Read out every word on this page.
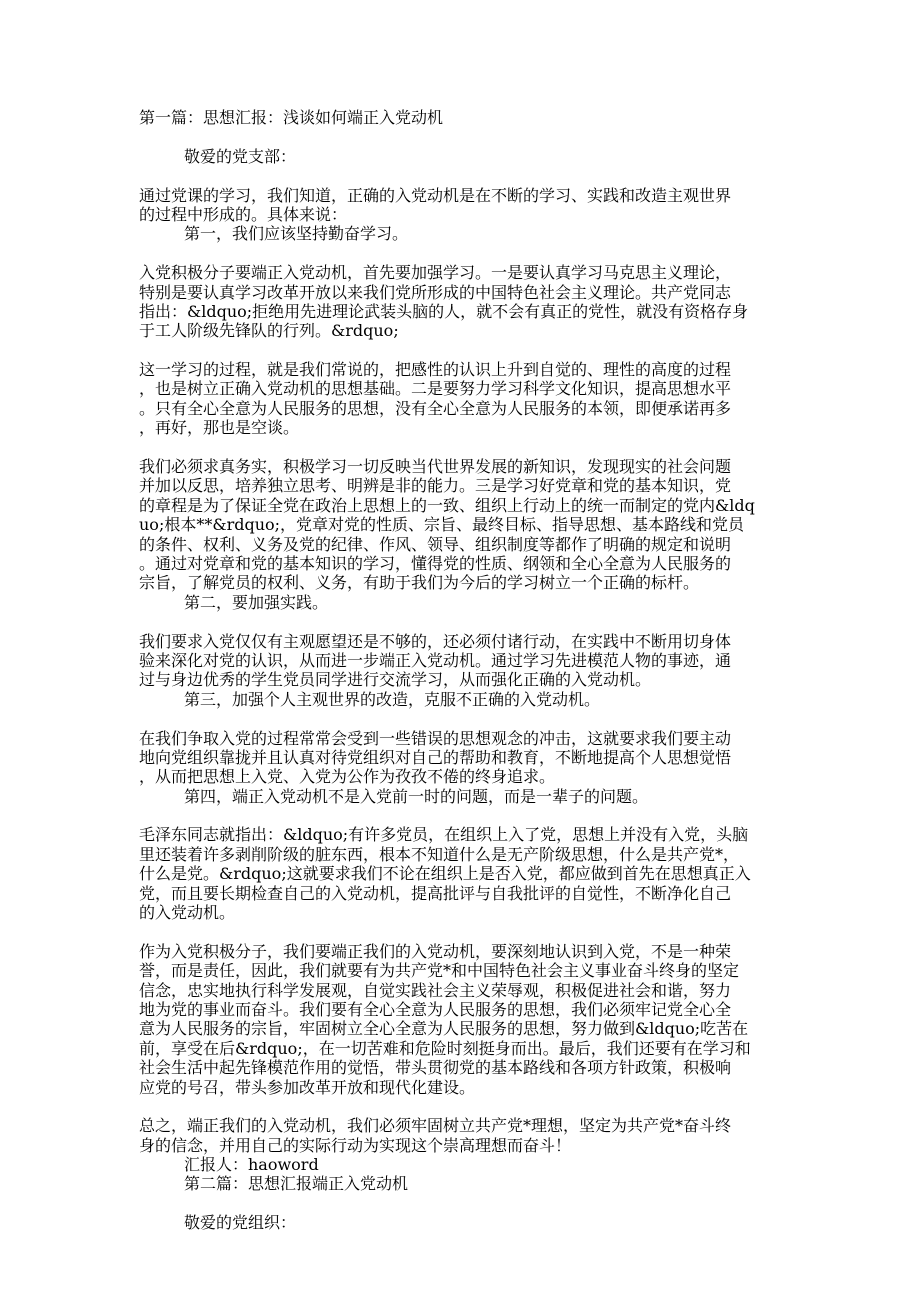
第一篇：思想汇报：浅谈如何端正入党动机
敬爱的党支部：
通过党课的学习，我们知道，正确的入党动机是在不断的学习、实践和改造主观世界
的过程中形成的。具体来说：
第一，我们应该坚持勤奋学习。
入党积极分子要端正入党动机，首先要加强学习。一是要认真学习马克思主义理论，
特别是要认真学习改革开放以来我们党所形成的中国特色社会主义理论。共产党同志
指出：&ldquo;拒绝用先进理论武装头脑的人，就不会有真正的党性，就没有资格存身
于工人阶级先锋队的行列。&rdquo;
这一学习的过程，就是我们常说的，把感性的认识上升到自觉的、理性的高度的过程
，也是树立正确入党动机的思想基础。二是要努力学习科学文化知识，提高思想水平
。只有全心全意为人民服务的思想，没有全心全意为人民服务的本领，即便承诺再多
，再好，那也是空谈。
我们必须求真务实，积极学习一切反映当代世界发展的新知识，发现现实的社会问题
并加以反思，培养独立思考、明辨是非的能力。三是学习好党章和党的基本知识，党
的章程是为了保证全党在政治上思想上的一致、组织上行动上的统一而制定的党内&ldq
uo;根本**&rdquo;，党章对党的性质、宗旨、最终目标、指导思想、基本路线和党员
的条件、权利、义务及党的纪律、作风、领导、组织制度等都作了明确的规定和说明
。通过对党章和党的基本知识的学习，懂得党的性质、纲领和全心全意为人民服务的
宗旨，了解党员的权利、义务，有助于我们为今后的学习树立一个正确的标杆。
第二，要加强实践。
我们要求入党仅仅有主观愿望还是不够的，还必须付诸行动，在实践中不断用切身体
验来深化对党的认识，从而进一步端正入党动机。通过学习先进模范人物的事迹，通
过与身边优秀的学生党员同学进行交流学习，从而强化正确的入党动机。
第三，加强个人主观世界的改造，克服不正确的入党动机。
在我们争取入党的过程常常会受到一些错误的思想观念的冲击，这就要求我们要主动
地向党组织靠拢并且认真对待党组织对自己的帮助和教育，不断地提高个人思想觉悟
，从而把思想上入党、入党为公作为孜孜不倦的终身追求。
第四，端正入党动机不是入党前一时的问题，而是一辈子的问题。
毛泽东同志就指出：&ldquo;有许多党员，在组织上入了党，思想上并没有入党，头脑
里还装着许多剥削阶级的脏东西，根本不知道什么是无产阶级思想，什么是共产党*，
什么是党。&rdquo;这就要求我们不论在组织上是否入党，都应做到首先在思想真正入
党，而且要长期检查自己的入党动机，提高批评与自我批评的自觉性，不断净化自己
的入党动机。
作为入党积极分子，我们要端正我们的入党动机，要深刻地认识到入党，不是一种荣
誉，而是责任，因此，我们就要有为共产党*和中国特色社会主义事业奋斗终身的坚定
信念，忠实地执行科学发展观，自觉实践社会主义荣辱观，积极促进社会和谐，努力
地为党的事业而奋斗。我们要有全心全意为人民服务的思想，我们必须牢记党全心全
意为人民服务的宗旨，牢固树立全心全意为人民服务的思想，努力做到&ldquo;吃苦在
前，享受在后&rdquo;，在一切苦难和危险时刻挺身而出。最后，我们还要有在学习和
社会生活中起先锋模范作用的觉悟，带头贯彻党的基本路线和各项方针政策，积极响
应党的号召，带头参加改革开放和现代化建设。
总之，端正我们的入党动机，我们必须牢固树立共产党*理想，坚定为共产党*奋斗终
身的信念，并用自己的实际行动为实现这个崇高理想而奋斗！
汇报人：haoword
第二篇：思想汇报端正入党动机
敬爱的党组织：
